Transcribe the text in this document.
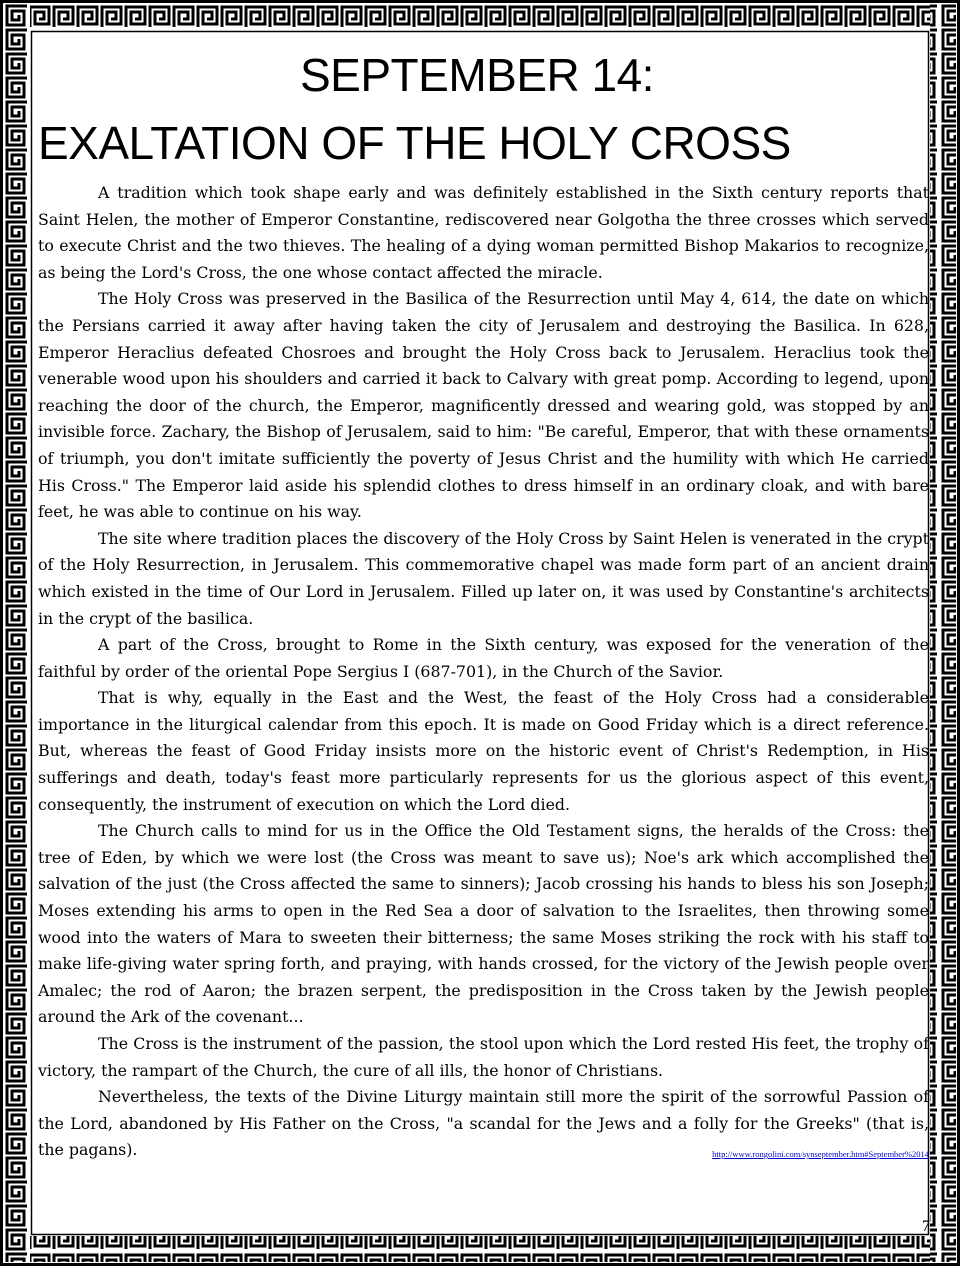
SEPTEMBER 14:
EXALTATION OF THE HOLY CROSS

A tradition which took shape early and was definitely established in the Sixth century reports that Saint Helen, the mother of Emperor Constantine, rediscovered near Golgotha the three crosses which served to execute Christ and the two thieves. The healing of a dying woman permitted Bishop Makarios to recognize, as being the Lord's Cross, the one whose contact affected the miracle.

The Holy Cross was preserved in the Basilica of the Resurrection until May 4, 614, the date on which the Persians carried it away after having taken the city of Jerusalem and destroying the Basilica. In 628, Emperor Heraclius defeated Chosroes and brought the Holy Cross back to Jerusalem. Heraclius took the venerable wood upon his shoulders and carried it back to Calvary with great pomp. According to legend, upon reaching the door of the church, the Emperor, magnificently dressed and wearing gold, was stopped by an invisible force. Zachary, the Bishop of Jerusalem, said to him: "Be careful, Emperor, that with these ornaments of triumph, you don't imitate sufficiently the poverty of Jesus Christ and the humility with which He carried His Cross." The Emperor laid aside his splendid clothes to dress himself in an ordinary cloak, and with bare feet, he was able to continue on his way.

The site where tradition places the discovery of the Holy Cross by Saint Helen is venerated in the crypt of the Holy Resurrection, in Jerusalem. This commemorative chapel was made form part of an ancient drain which existed in the time of Our Lord in Jerusalem. Filled up later on, it was used by Constantine's architects in the crypt of the basilica.

A part of the Cross, brought to Rome in the Sixth century, was exposed for the veneration of the faithful by order of the oriental Pope Sergius I (687-701), in the Church of the Savior.

That is why, equally in the East and the West, the feast of the Holy Cross had a considerable importance in the liturgical calendar from this epoch. It is made on Good Friday which is a direct reference. But, whereas the feast of Good Friday insists more on the historic event of Christ's Redemption, in His sufferings and death, today's feast more particularly represents for us the glorious aspect of this event, consequently, the instrument of execution on which the Lord died.

The Church calls to mind for us in the Office the Old Testament signs, the heralds of the Cross: the tree of Eden, by which we were lost (the Cross was meant to save us); Noe's ark which accomplished the salvation of the just (the Cross affected the same to sinners); Jacob crossing his hands to bless his son Joseph; Moses extending his arms to open in the Red Sea a door of salvation to the Israelites, then throwing some wood into the waters of Mara to sweeten their bitterness; the same Moses striking the rock with his staff to make life-giving water spring forth, and praying, with hands crossed, for the victory of the Jewish people over Amalec; the rod of Aaron; the brazen serpent, the predisposition in the Cross taken by the Jewish people around the Ark of the covenant...

The Cross is the instrument of the passion, the stool upon which the Lord rested His feet, the trophy of victory, the rampart of the Church, the cure of all ills, the honor of Christians.

Nevertheless, the texts of the Divine Liturgy maintain still more the spirit of the sorrowful Passion of the Lord, abandoned by His Father on the Cross, "a scandal for the Jews and a folly for the Greeks" (that is, the pagans).	http://www.rongolini.com/synseptember.htm#September%2014
7
